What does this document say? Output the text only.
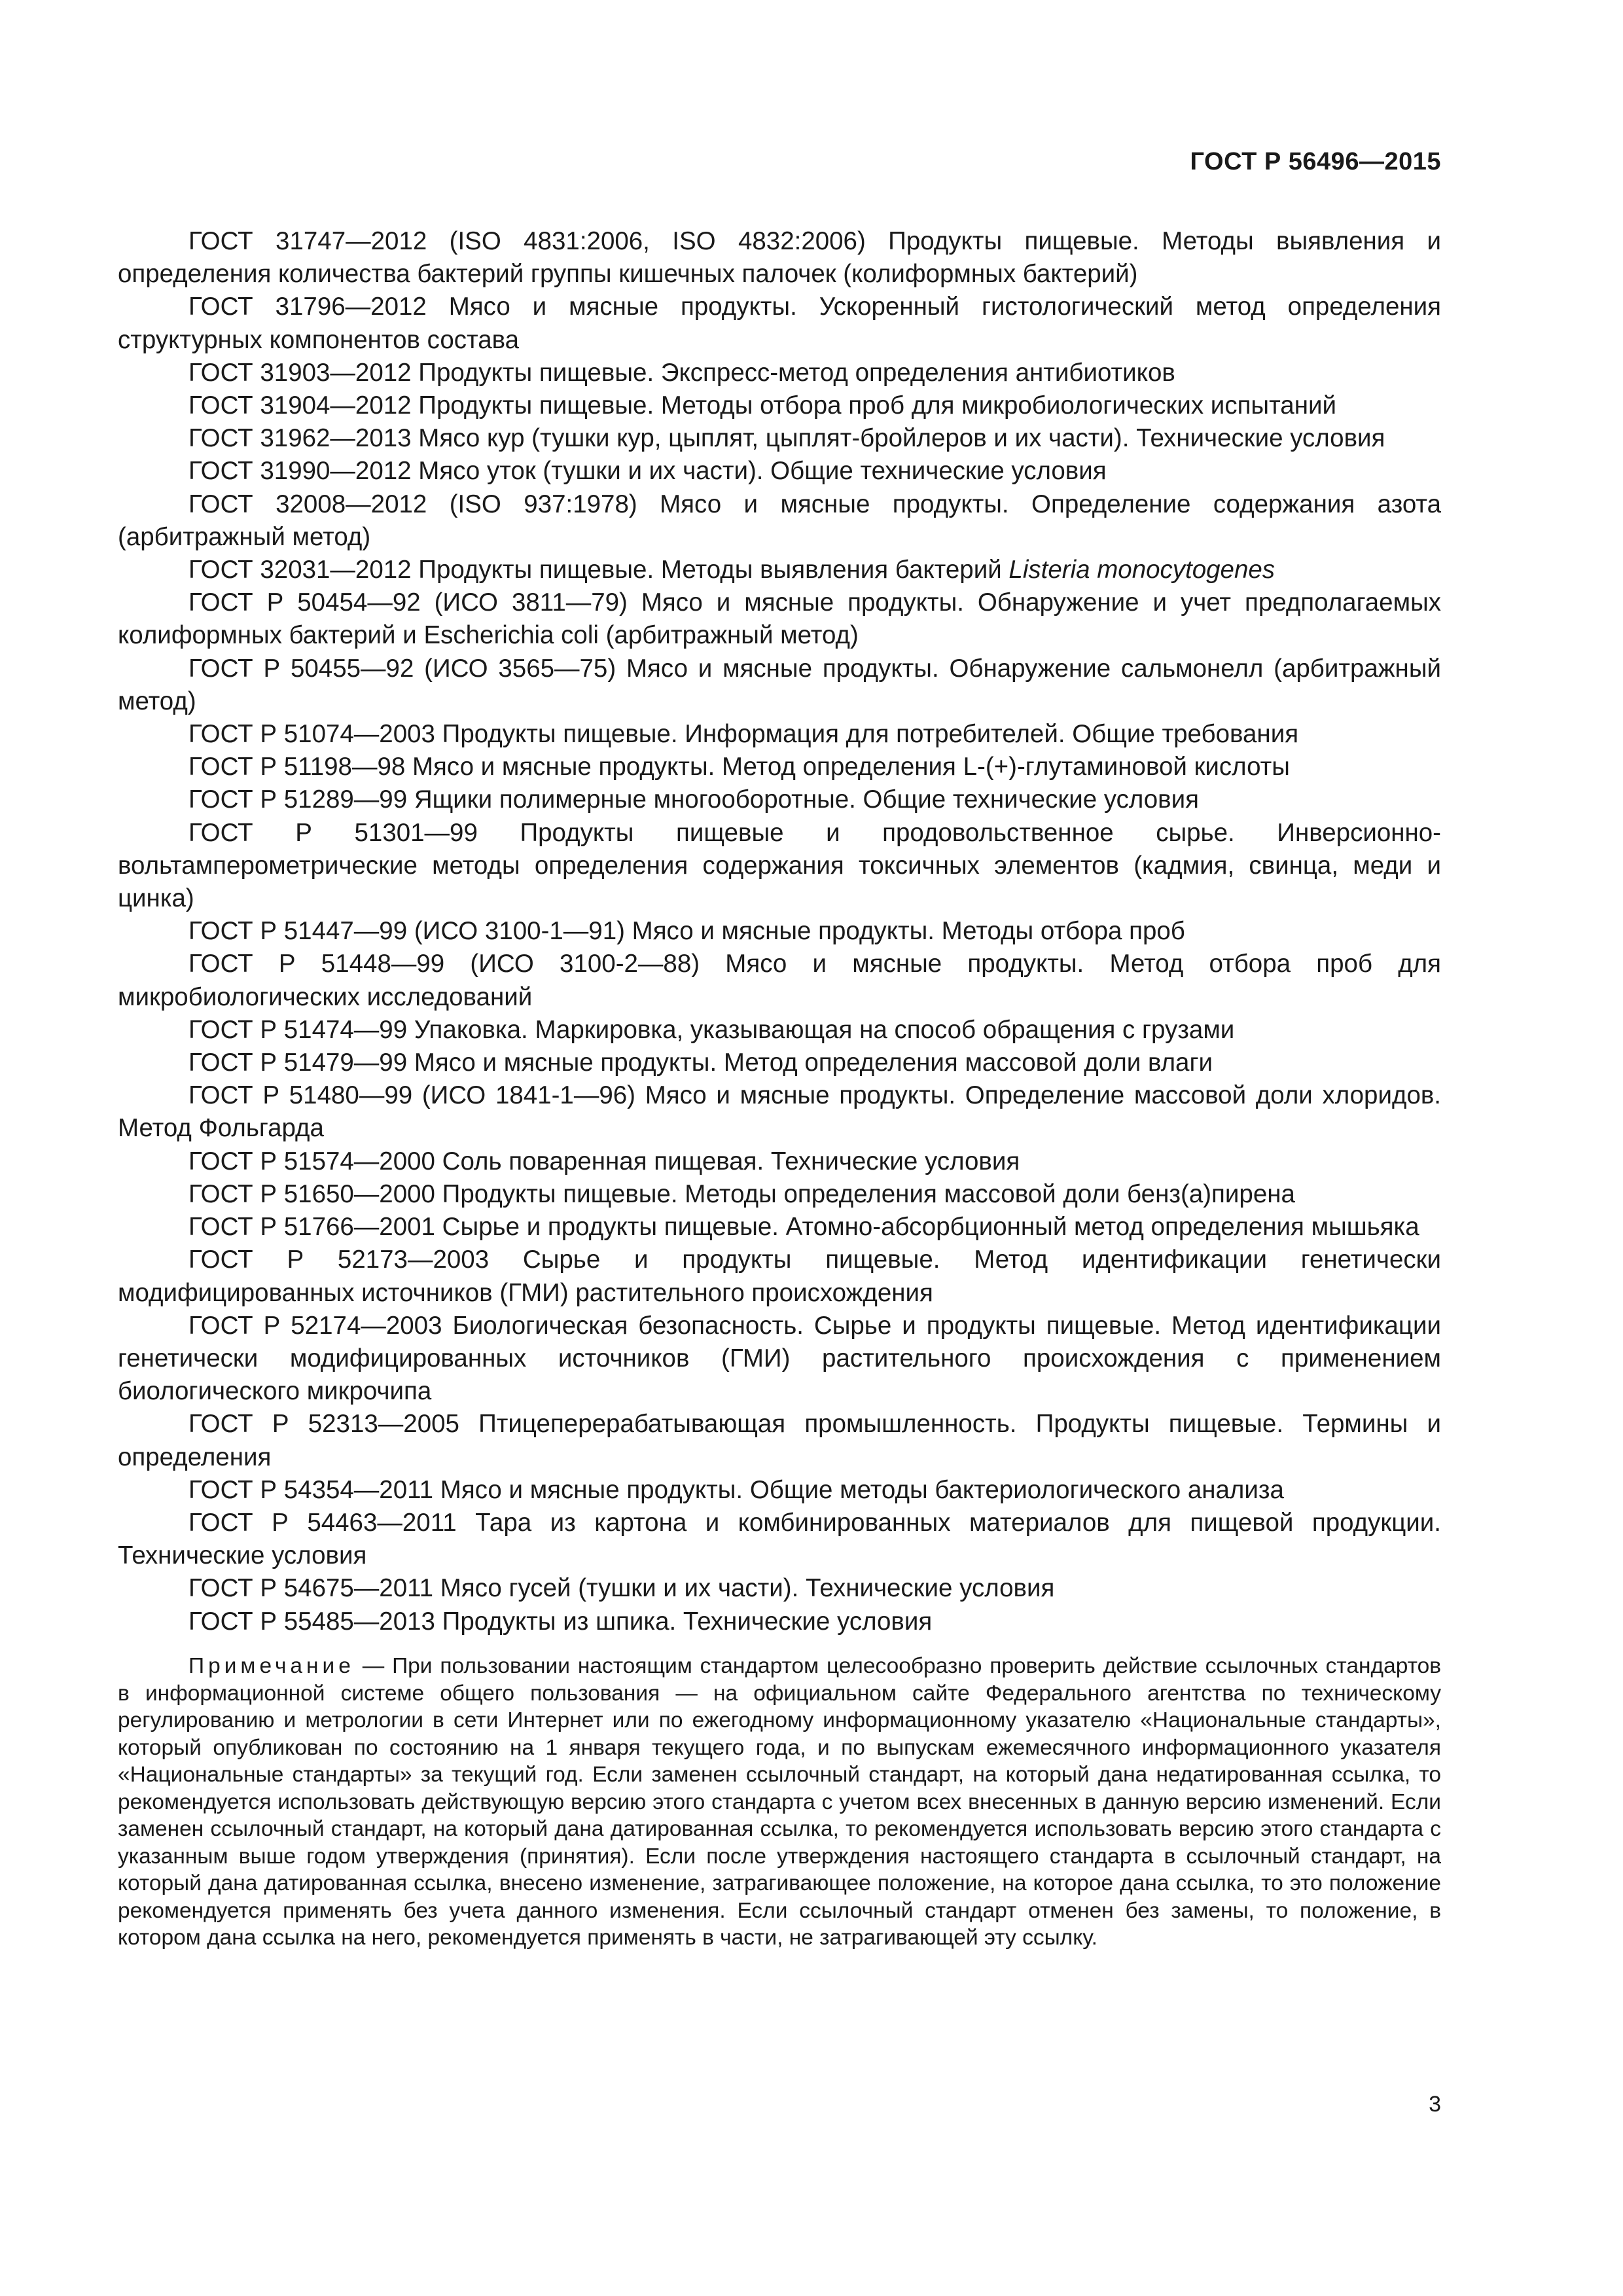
ГОСТ Р 56496—2015

ГОСТ 31747—2012 (ISO 4831:2006, ISO 4832:2006) Продукты пищевые. Методы выявления и определения количества бактерий группы кишечных палочек (колиформных бактерий)

ГОСТ 31796—2012 Мясо и мясные продукты. Ускоренный гистологический метод определения структурных компонентов состава

ГОСТ 31903—2012 Продукты пищевые. Экспресс-метод определения антибиотиков

ГОСТ 31904—2012 Продукты пищевые. Методы отбора проб для микробиологических испытаний

ГОСТ 31962—2013 Мясо кур (тушки кур, цыплят, цыплят-бройлеров и их части). Технические условия

ГОСТ 31990—2012 Мясо уток (тушки и их части). Общие технические условия

ГОСТ 32008—2012 (ISO 937:1978) Мясо и мясные продукты. Определение содержания азота (арбитражный метод)

ГОСТ 32031—2012 Продукты пищевые. Методы выявления бактерий Listeria monocytogenes

ГОСТ Р 50454—92 (ИСО 3811—79) Мясо и мясные продукты. Обнаружение и учет предполагаемых колиформных бактерий и Escherichia coli (арбитражный метод)

ГОСТ Р 50455—92 (ИСО 3565—75) Мясо и мясные продукты. Обнаружение сальмонелл (арбитражный метод)

ГОСТ Р 51074—2003 Продукты пищевые. Информация для потребителей. Общие требования

ГОСТ Р 51198—98 Мясо и мясные продукты. Метод определения L-(+)-глутаминовой кислоты

ГОСТ Р 51289—99 Ящики полимерные многооборотные. Общие технические условия

ГОСТ Р 51301—99 Продукты пищевые и продовольственное сырье. Инверсионно- вольтамперометрические методы определения содержания токсичных элементов (кадмия, свинца, меди и цинка)

ГОСТ Р 51447—99 (ИСО 3100-1—91) Мясо и мясные продукты. Методы отбора проб

ГОСТ Р 51448—99 (ИСО 3100-2—88) Мясо и мясные продукты. Метод отбора проб для микробиологических исследований

ГОСТ Р 51474—99 Упаковка. Маркировка, указывающая на способ обращения с грузами

ГОСТ Р 51479—99 Мясо и мясные продукты. Метод определения массовой доли влаги

ГОСТ Р 51480—99 (ИСО 1841-1—96) Мясо и мясные продукты. Определение массовой доли хлоридов. Метод Фольгарда

ГОСТ Р 51574—2000 Соль поваренная пищевая. Технические условия

ГОСТ Р 51650—2000 Продукты пищевые. Методы определения массовой доли бенз(а)пирена

ГОСТ Р 51766—2001 Сырье и продукты пищевые. Атомно-абсорбционный метод определения мышьяка

ГОСТ Р 52173—2003 Сырье и продукты пищевые. Метод идентификации генетически модифицированных источников (ГМИ) растительного происхождения

ГОСТ Р 52174—2003 Биологическая безопасность. Сырье и продукты пищевые. Метод идентификации генетически модифицированных источников (ГМИ) растительного происхождения с применением биологического микрочипа

ГОСТ Р 52313—2005 Птицеперерабатывающая промышленность. Продукты пищевые. Термины и определения

ГОСТ Р 54354—2011 Мясо и мясные продукты. Общие методы бактериологического анализа

ГОСТ Р 54463—2011 Тара из картона и комбинированных материалов для пищевой продукции. Технические условия

ГОСТ Р 54675—2011 Мясо гусей (тушки и их части). Технические условия

ГОСТ Р 55485—2013 Продукты из шпика. Технические условия

Примечание — При пользовании настоящим стандартом целесообразно проверить действие ссылочных стандартов в информационной системе общего пользования — на официальном сайте Федерального агентства по техническому регулированию и метрологии в сети Интернет или по ежегодному информационному указателю «Национальные стандарты», который опубликован по состоянию на 1 января текущего года, и по выпускам ежемесячного информационного указателя «Национальные стандарты» за текущий год. Если заменен ссылочный стандарт, на который дана недатированная ссылка, то рекомендуется использовать действующую версию этого стандарта с учетом всех внесенных в данную версию изменений. Если заменен ссылочный стандарт, на который дана датированная ссылка, то рекомендуется использовать версию этого стандарта с указанным выше годом утверждения (принятия). Если после утверждения настоящего стандарта в ссылочный стандарт, на который дана датированная ссылка, внесено изменение, затрагивающее положение, на которое дана ссылка, то это положение рекомендуется применять без учета данного изменения. Если ссылочный стандарт отменен без замены, то положение, в котором дана ссылка на него, рекомендуется применять в части, не затрагивающей эту ссылку.

3
